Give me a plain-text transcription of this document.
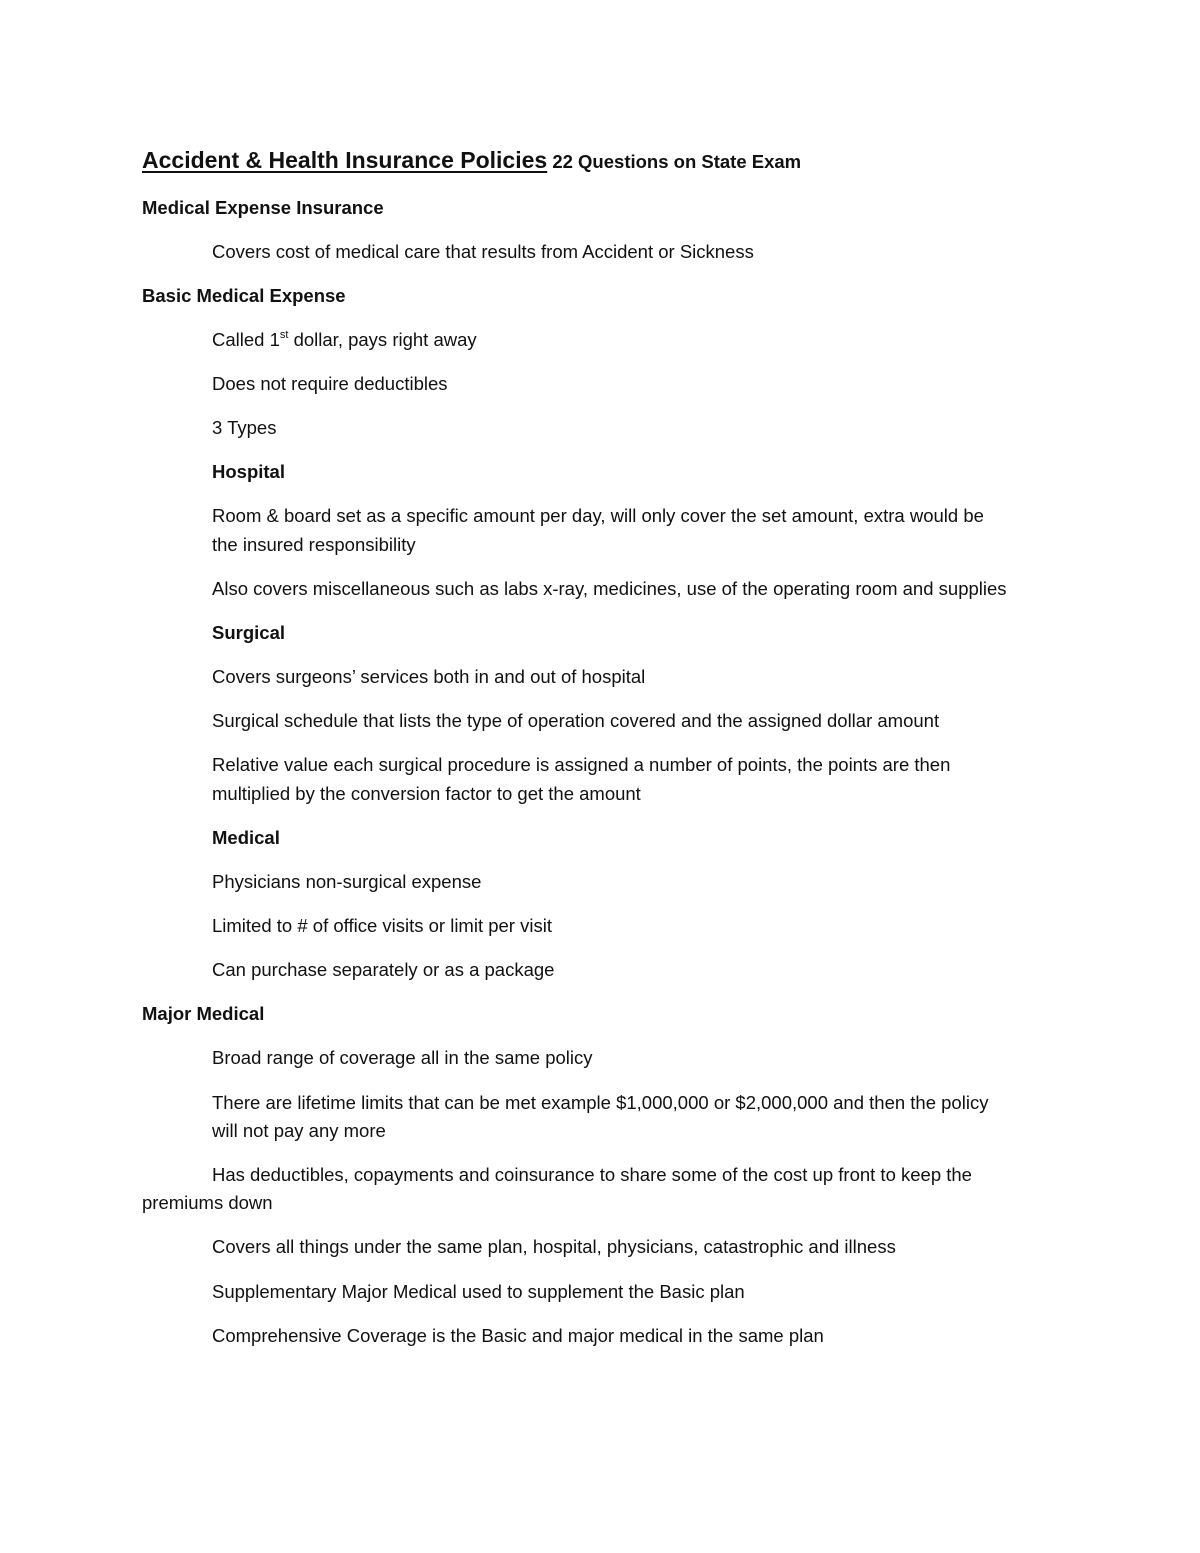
Accident & Health Insurance Policies 22 Questions on State Exam

Medical Expense Insurance

Covers cost of medical care that results from Accident or Sickness

Basic Medical Expense

Called 1st dollar, pays right away

Does not require deductibles

3 Types

Hospital

Room & board set as a specific amount per day, will only cover the set amount, extra would be

the insured responsibility

Also covers miscellaneous such as labs x-ray, medicines, use of the operating room and supplies

Surgical

Covers surgeons’ services both in and out of hospital

Surgical schedule that lists the type of operation covered and the assigned dollar amount

Relative value each surgical procedure is assigned a number of points, the points are then

multiplied by the conversion factor to get the amount

Medical

Physicians non-surgical expense

Limited to # of office visits or limit per visit

Can purchase separately or as a package

Major Medical

Broad range of coverage all in the same policy

There are lifetime limits that can be met example $1,000,000 or $2,000,000 and then the policy

will not pay any more

Has deductibles, copayments and coinsurance to share some of the cost up front to keep the

premiums down

Covers all things under the same plan, hospital, physicians, catastrophic and illness

Supplementary Major Medical used to supplement the Basic plan

Comprehensive Coverage is the Basic and major medical in the same plan
